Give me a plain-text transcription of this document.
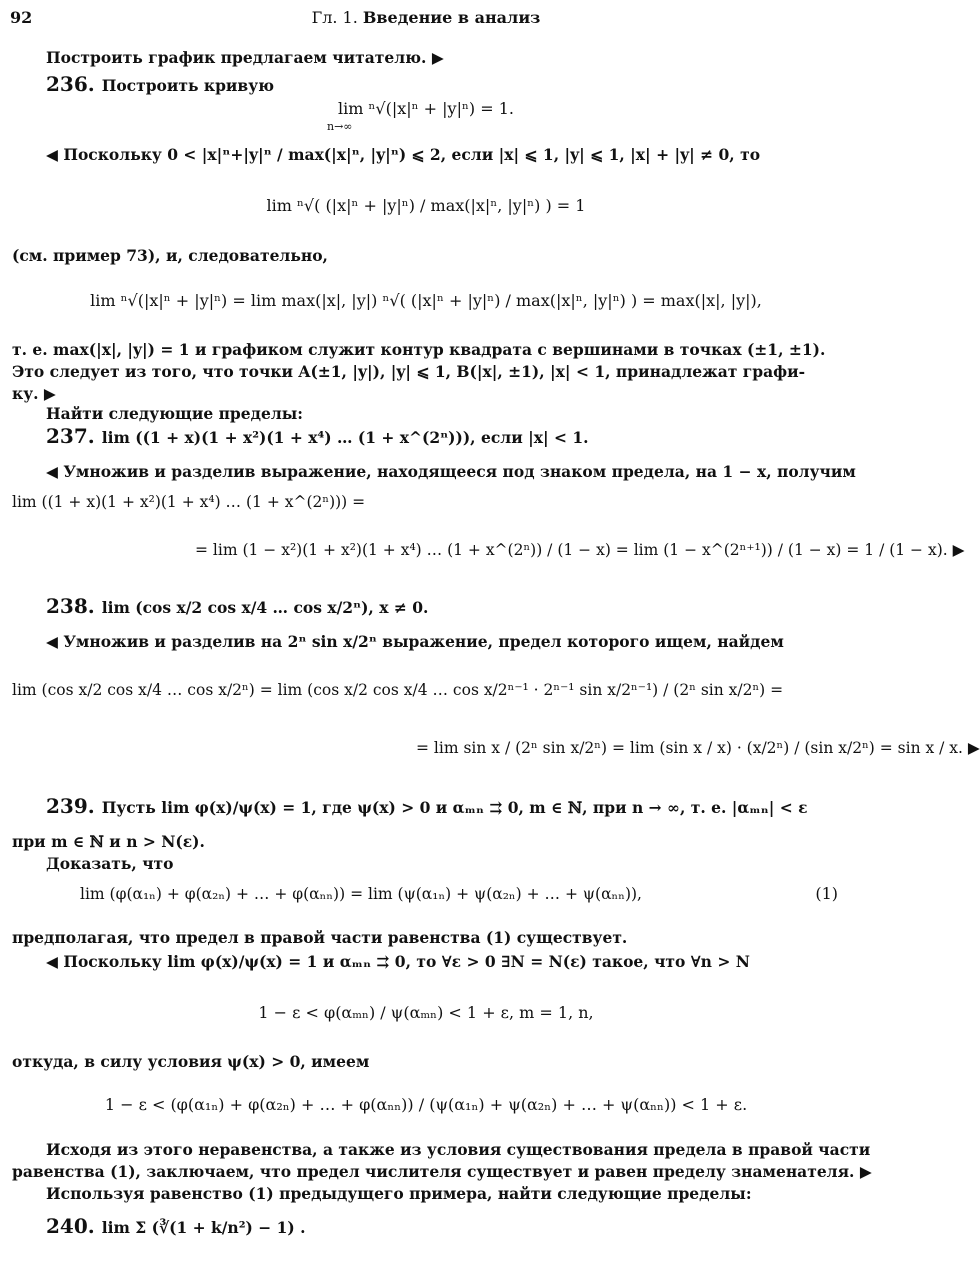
92	Гл. 1. Введение в анализ
Построить график предлагаем читателю. ▶
236. Построить кривую
lim ⁿ√(|x|ⁿ + |y|ⁿ) = 1.
n→∞
◀ Поскольку 0 < |x|ⁿ+|y|ⁿ / max(|x|ⁿ, |y|ⁿ) ⩽ 2, если |x| ⩽ 1, |y| ⩽ 1, |x| + |y| ≠ 0, то
lim ⁿ√( (|x|ⁿ + |y|ⁿ) / max(|x|ⁿ, |y|ⁿ) ) = 1
(см. пример 73), и, следовательно,
lim ⁿ√(|x|ⁿ + |y|ⁿ) = lim max(|x|, |y|) ⁿ√( (|x|ⁿ + |y|ⁿ) / max(|x|ⁿ, |y|ⁿ) ) = max(|x|, |y|),
т. е. max(|x|, |y|) = 1 и графиком служит контур квадрата с вершинами в точках (±1, ±1).
Это следует из того, что точки A(±1, |y|), |y| ⩽ 1, B(|x|, ±1), |x| < 1, принадлежат графи-
ку. ▶
Найти следующие пределы:
237. lim ((1 + x)(1 + x²)(1 + x⁴) … (1 + x^(2ⁿ))), если |x| < 1.
◀ Умножив и разделив выражение, находящееся под знаком предела, на 1 − x, получим
lim ((1 + x)(1 + x²)(1 + x⁴) … (1 + x^(2ⁿ))) =
= lim (1 − x²)(1 + x²)(1 + x⁴) … (1 + x^(2ⁿ)) / (1 − x) = lim (1 − x^(2ⁿ⁺¹)) / (1 − x) = 1 / (1 − x). ▶
238. lim (cos x/2 cos x/4 … cos x/2ⁿ), x ≠ 0.
◀ Умножив и разделив на 2ⁿ sin x/2ⁿ выражение, предел которого ищем, найдем
lim (cos x/2 cos x/4 … cos x/2ⁿ) = lim (cos x/2 cos x/4 … cos x/2ⁿ⁻¹ · 2ⁿ⁻¹ sin x/2ⁿ⁻¹) / (2ⁿ sin x/2ⁿ) =
= lim sin x / (2ⁿ sin x/2ⁿ) = lim (sin x / x) · (x/2ⁿ) / (sin x/2ⁿ) = sin x / x. ▶
239. Пусть lim φ(x)/ψ(x) = 1, где ψ(x) > 0 и αₘₙ ⇉ 0, m ∈ ℕ, при n → ∞, т. е. |αₘₙ| < ε
при m ∈ ℕ и n > N(ε).
Доказать, что
lim (φ(α₁ₙ) + φ(α₂ₙ) + … + φ(αₙₙ)) = lim (ψ(α₁ₙ) + ψ(α₂ₙ) + … + ψ(αₙₙ)),
предполагая, что предел в правой части равенства (1) существует.
◀ Поскольку lim φ(x)/ψ(x) = 1 и αₘₙ ⇉ 0, то ∀ε > 0 ∃N = N(ε) такое, что ∀n > N
1 − ε < φ(αₘₙ) / ψ(αₘₙ) < 1 + ε, m = 1, n,
откуда, в силу условия ψ(x) > 0, имеем
1 − ε < (φ(α₁ₙ) + φ(α₂ₙ) + … + φ(αₙₙ)) / (ψ(α₁ₙ) + ψ(α₂ₙ) + … + ψ(αₙₙ)) < 1 + ε.
Исходя из этого неравенства, а также из условия существования предела в правой части
равенства (1), заключаем, что предел числителя существует и равен пределу знаменателя. ▶
Используя равенство (1) предыдущего примера, найти следующие пределы:
240. lim Σ (∛(1 + k/n²) − 1) .
(1)
